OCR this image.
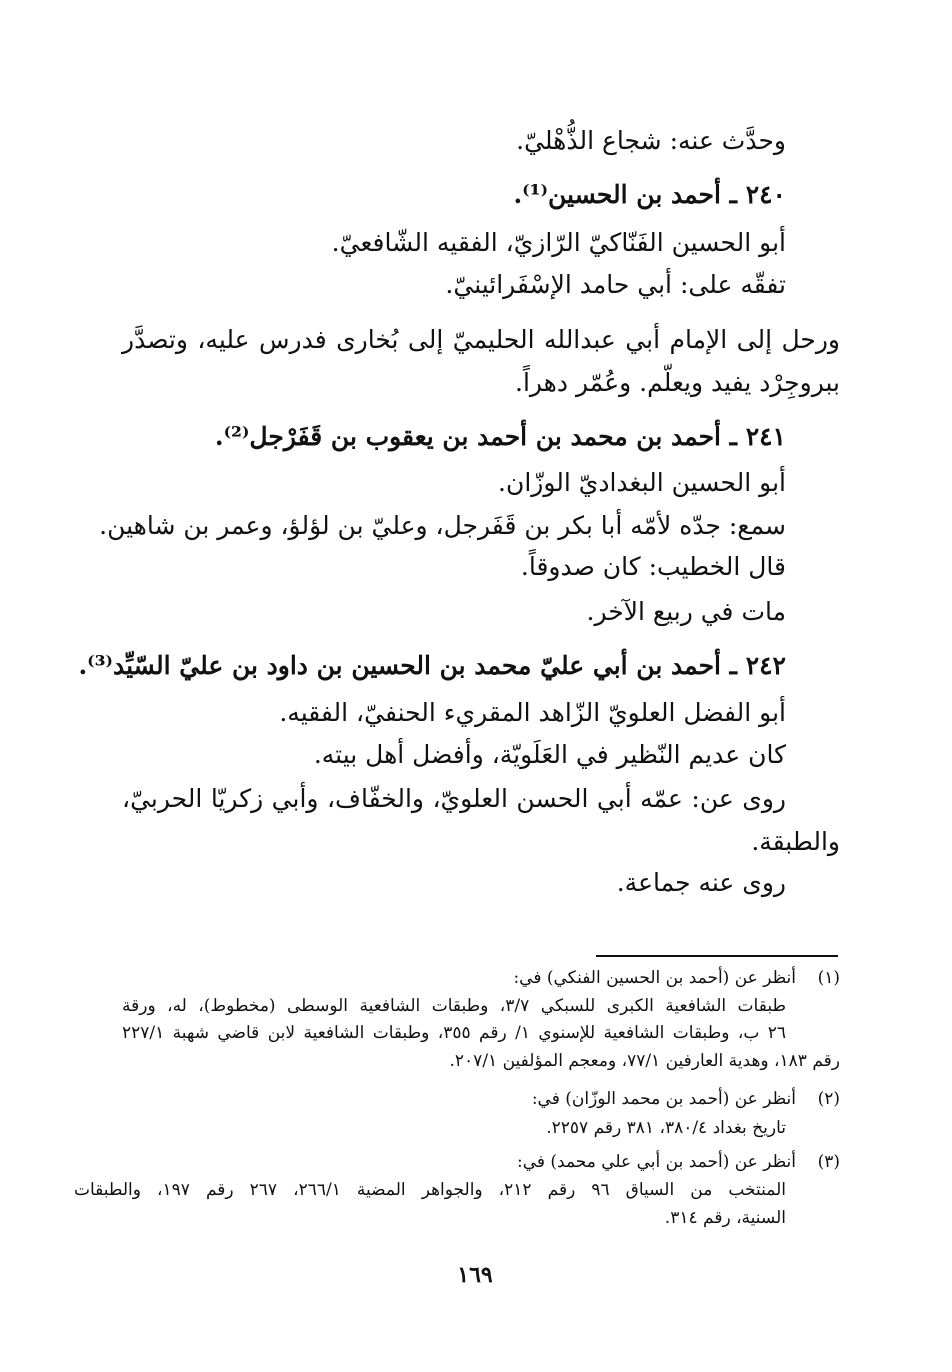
وحدَّث عنه: شجاع الذُّهْليّ.
٢٤٠ ـ أحمد بن الحسين⁽¹⁾.
أبو الحسين الفَنّاكيّ الرّازيّ، الفقيه الشّافعيّ.
تفقّه على: أبي حامد الإسْفَرائينيّ.
ورحل إلى الإمام أبي عبدالله الحليميّ إلى بُخارى فدرس عليه، وتصدَّر
ببروجِرْد يفيد ويعلّم. وعُمّر دهراً.
٢٤١ ـ أحمد بن محمد بن أحمد بن يعقوب بن قَفَرْجل⁽²⁾.
أبو الحسين البغداديّ الوزّان.
سمع: جدّه لأمّه أبا بكر بن قَفَرجل، وعليّ بن لؤلؤ، وعمر بن شاهين.
قال الخطيب: كان صدوقاً.
مات في ربيع الآخر.
٢٤٢ ـ أحمد بن أبي عليّ محمد بن الحسين بن داود بن عليّ السّيِّد⁽³⁾.
أبو الفضل العلويّ الزّاهد المقريء الحنفيّ، الفقيه.
كان عديم النّظير في العَلَويّة، وأفضل أهل بيته.
روى عن: عمّه أبي الحسن العلويّ، والخفّاف، وأبي زكريّا الحربيّ،
والطبقة.
روى عنه جماعة.
(١)
أنظر عن (أحمد بن الحسين الفنكي) في:
طبقات الشافعية الكبرى للسبكي ٣/٧، وطبقات الشافعية الوسطى (مخطوط)، له، ورقة
٢٦ ب، وطبقات الشافعية للإسنوي ١/ رقم ٣٥٥، وطبقات الشافعية لابن قاضي شهبة ٢٢٧/١
رقم ١٨٣، وهدية العارفين ٧٧/١، ومعجم المؤلفين ٢٠٧/١.
(٢)
أنظر عن (أحمد بن محمد الوزّان) في:
تاريخ بغداد ٣٨٠/٤، ٣٨١ رقم ٢٢٥٧.
(٣)
أنظر عن (أحمد بن أبي علي محمد) في:
المنتخب من السياق ٩٦ رقم ٢١٢، والجواهر المضية ٢٦٦/١، ٢٦٧ رقم ١٩٧، والطبقات
السنية، رقم ٣١٤.
١٦٩
